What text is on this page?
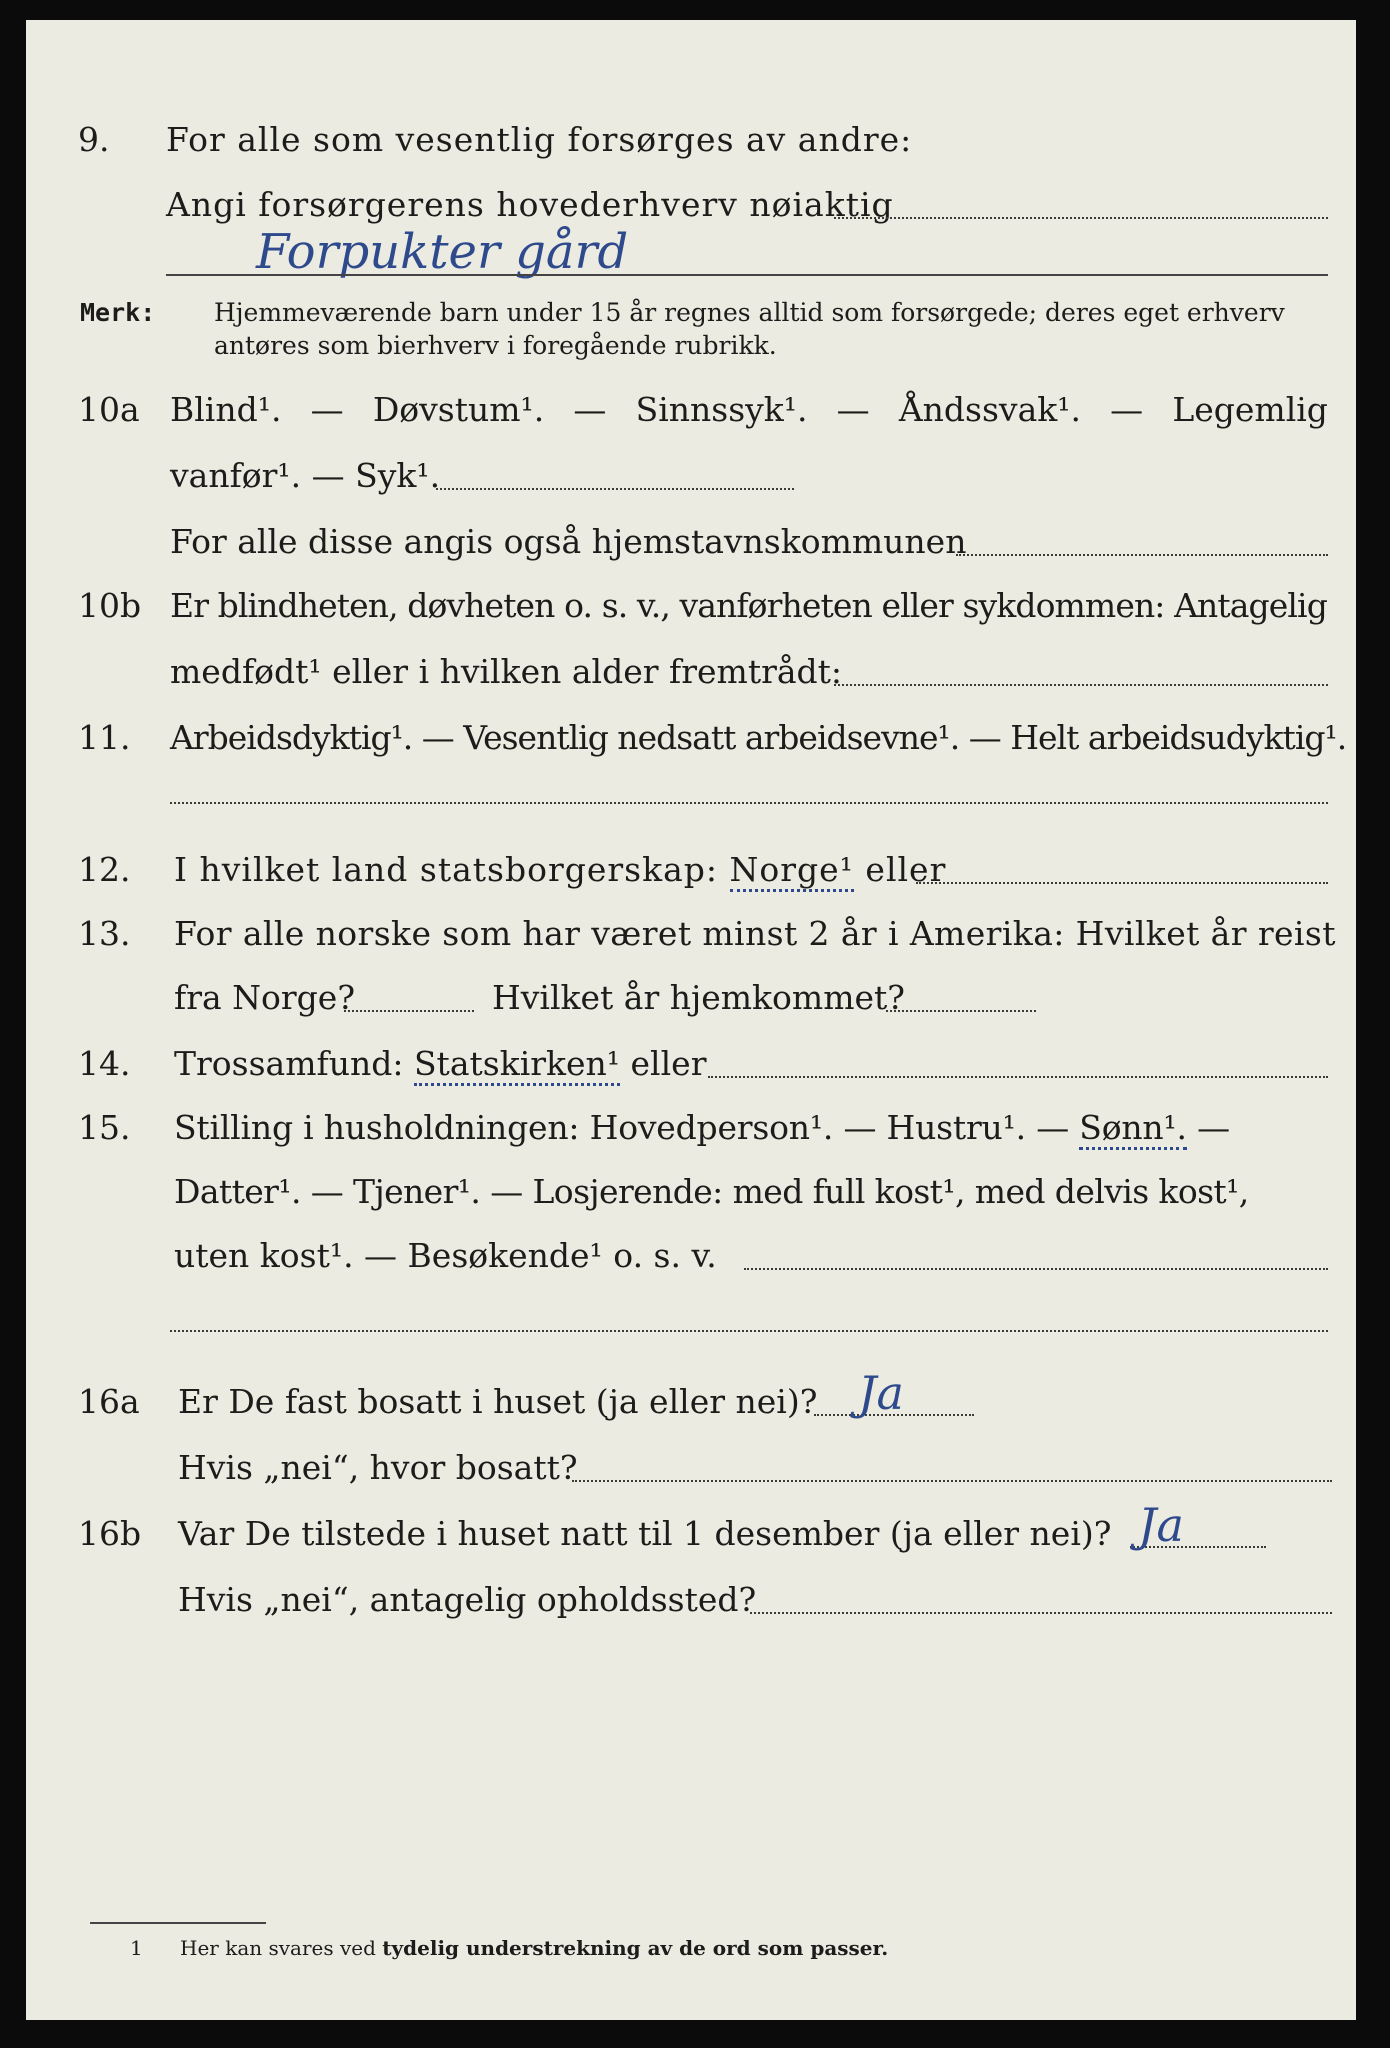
9. For alle som vesentlig forsørges av andre:
Angi forsørgerens hovederhverv nøiaktig
Forpukter gård
Merk: Hjemmeværende barn under 15 år regnes alltid som forsørgede; deres eget erhverv
antøres som bierhverv i foregående rubrikk.
10a Blind¹. — Døvstum¹. — Sinnssyk¹. — Åndssvak¹. — Legemlig
vanfør¹. — Syk¹.
For alle disse angis også hjemstavnskommunen
10b Er blindheten, døvheten o. s. v., vanførheten eller sykdommen: Antagelig
medfødt¹ eller i hvilken alder fremtrådt:
11. Arbeidsdyktig¹. — Vesentlig nedsatt arbeidsevne¹. — Helt arbeidsudyktig¹.
12. I hvilket land statsborgerskap: Norge¹ eller
13. For alle norske som har været minst 2 år i Amerika: Hvilket år reist
fra Norge?	Hvilket år hjemkommet?
14. Trossamfund: Statskirken¹ eller
15. Stilling i husholdningen: Hovedperson¹. — Hustru¹. — Sønn¹. —
Datter¹. — Tjener¹. — Losjerende: med full kost¹, med delvis kost¹,
uten kost¹. — Besøkende¹ o. s. v.
16a Er De fast bosatt i huset (ja eller nei)? Ja
Hvis „nei“, hvor bosatt?
16b Var De tilstede i huset natt til 1 desember (ja eller nei)? Ja
Hvis „nei“, antagelig opholdssted?
1 Her kan svares ved tydelig understrekning av de ord som passer.
